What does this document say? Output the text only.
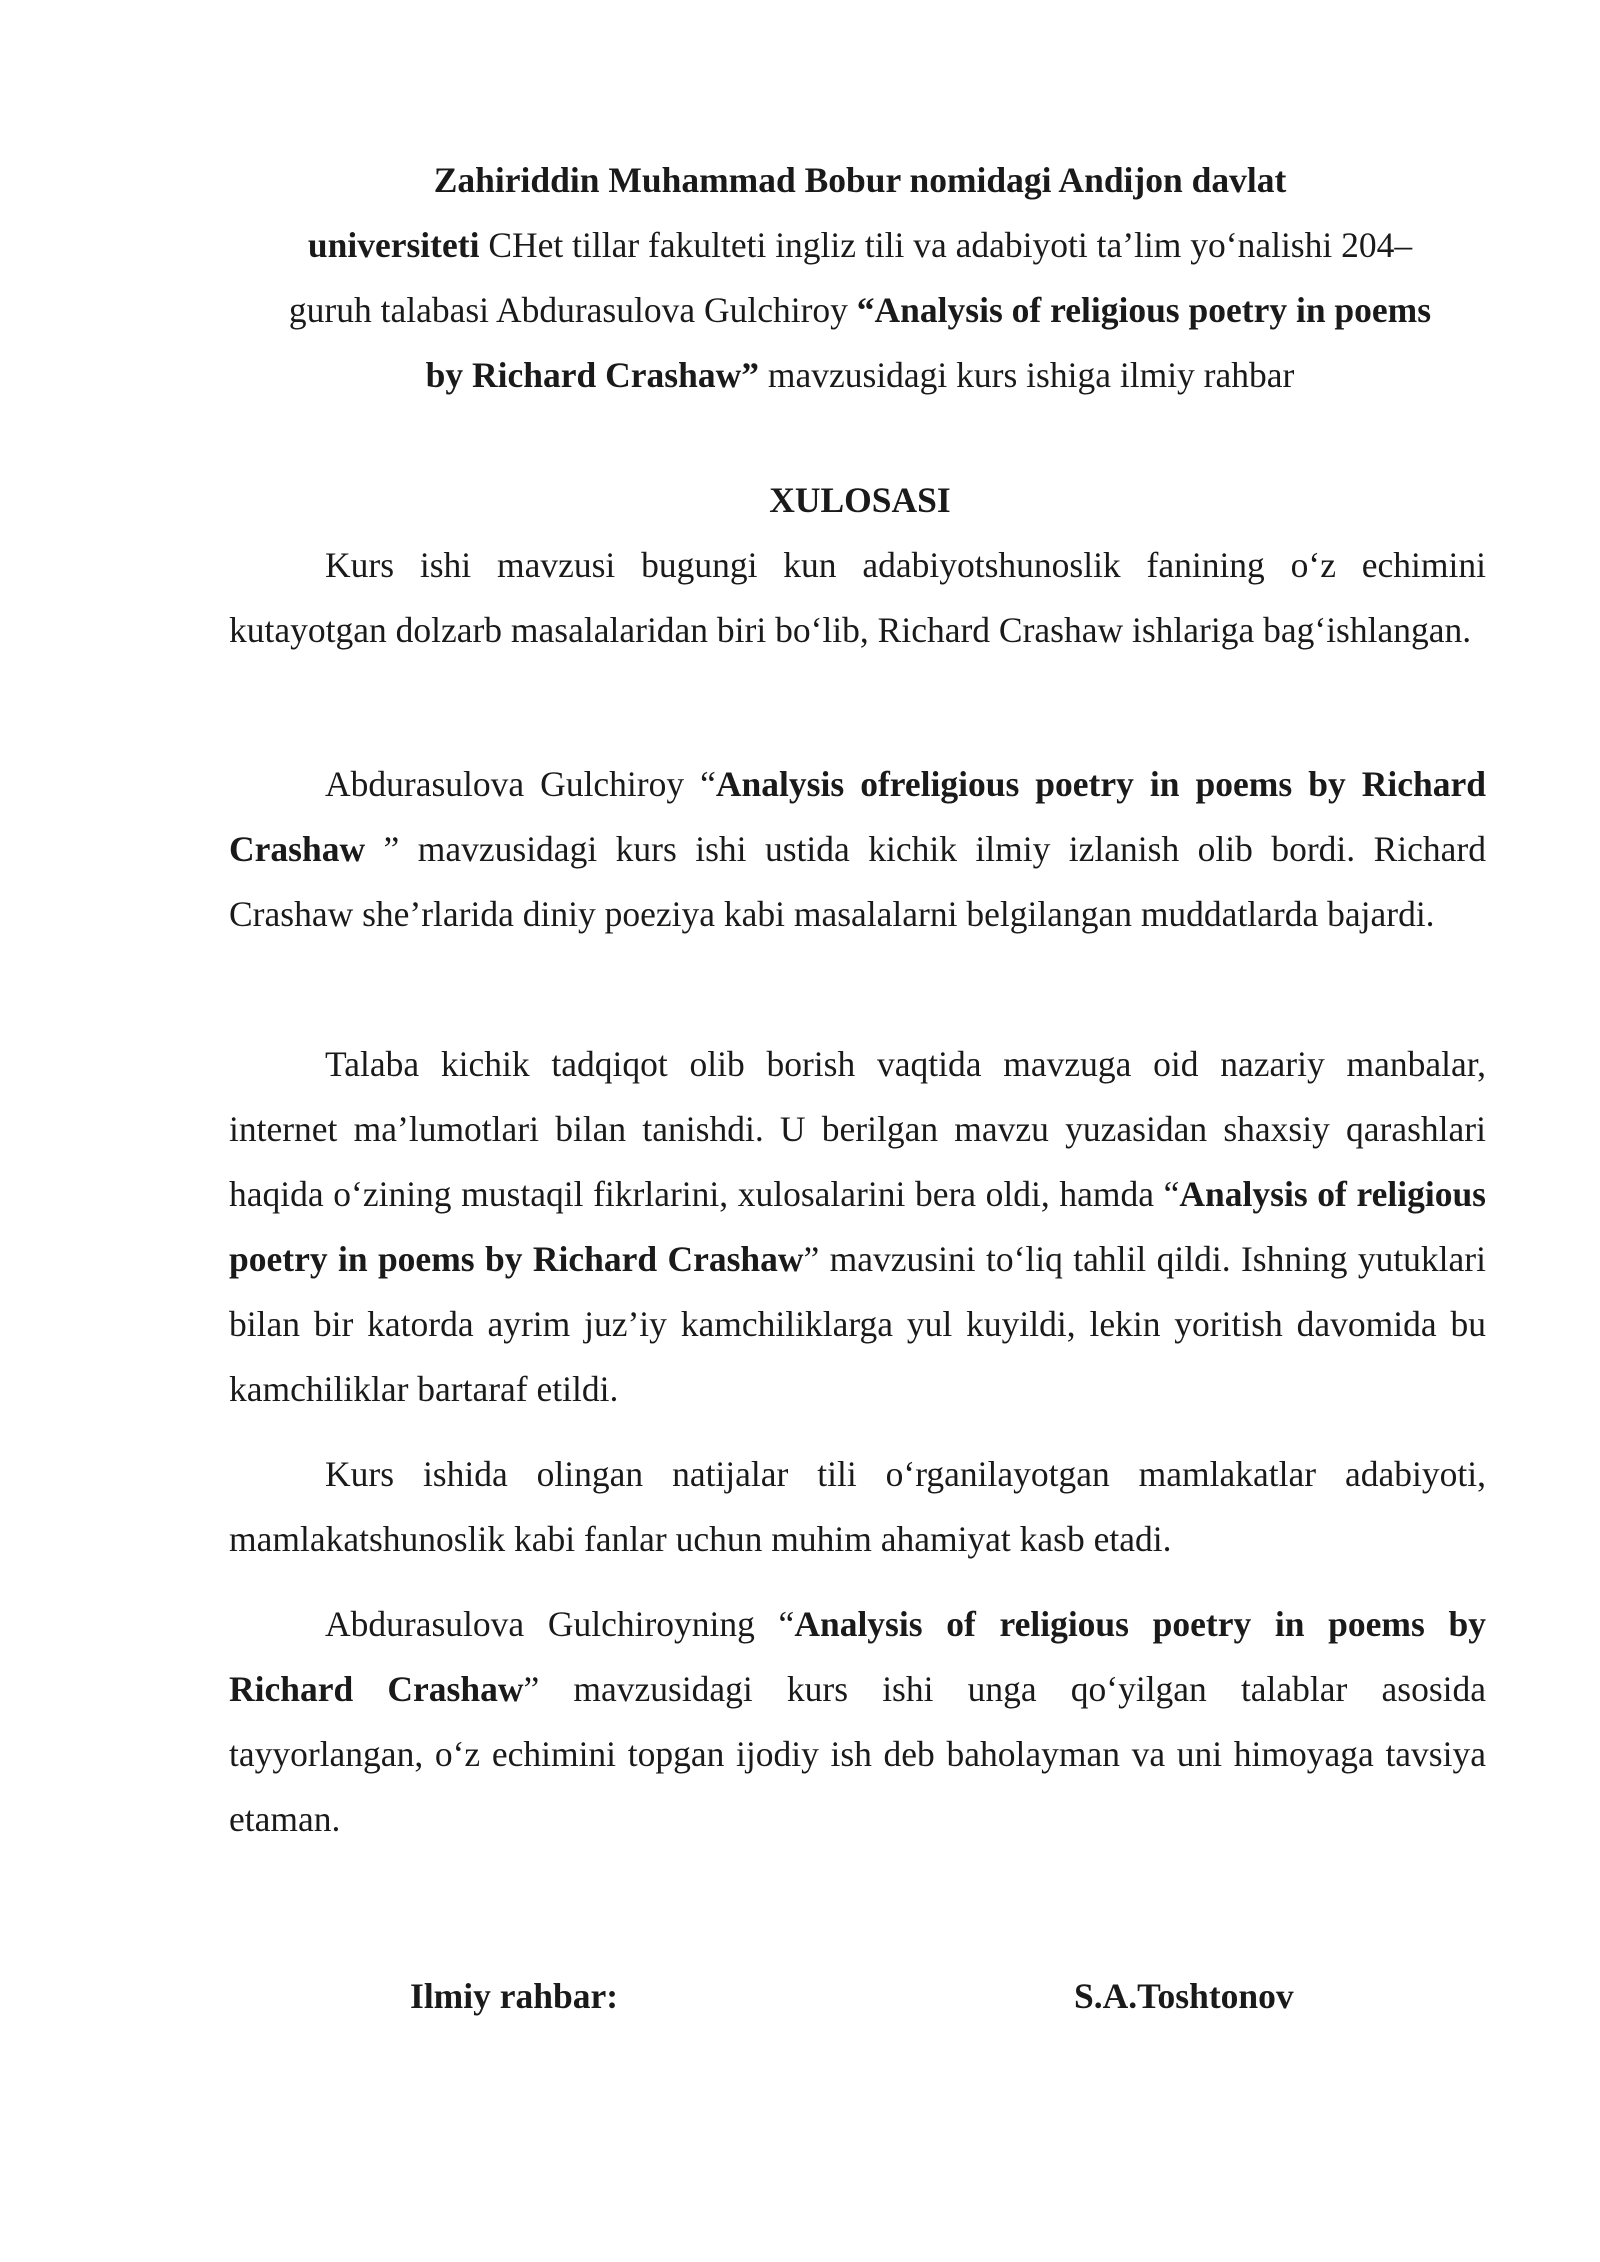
Zahiriddin Muhammad Bobur nomidagi Andijon davlat
universiteti CHet tillar fakulteti ingliz tili va adabiyoti ta’lim yo‘nalishi 204–
guruh talabasi Abdurasulova Gulchiroy “Analysis of religious poetry in poems
by Richard Crashaw” mavzusidagi kurs ishiga ilmiy rahbar
XULOSASI

Kurs ishi mavzusi bugungi kun adabiyotshunoslik fanining o‘z echimini kutayotgan dolzarb masalalaridan biri bo‘lib, Richard Crashaw ishlariga bag‘ishlangan.

Abdurasulova Gulchiroy “Analysis ofreligious poetry in poems by Richard Crashaw ” mavzusidagi kurs ishi ustida kichik ilmiy izlanish olib bordi. Richard Crashaw she’rlarida diniy poeziya kabi masalalarni belgilangan muddatlarda bajardi.

Talaba kichik tadqiqot olib borish vaqtida mavzuga oid nazariy manbalar, internet ma’lumotlari bilan tanishdi. U berilgan mavzu yuzasidan shaxsiy qarashlari haqida o‘zining mustaqil fikrlarini, xulosalarini bera oldi, hamda “Analysis of religious poetry in poems by Richard Crashaw” mavzusini to‘liq tahlil qildi. Ishning yutuklari bilan bir katorda ayrim juz’iy kamchiliklarga yul kuyildi, lekin yoritish davomida bu kamchiliklar bartaraf etildi.

Kurs ishida olingan natijalar tili o‘rganilayotgan mamlakatlar adabiyoti, mamlakatshunoslik kabi fanlar uchun muhim ahamiyat kasb etadi.

Abdurasulova Gulchiroyning “Analysis of religious poetry in poems by Richard Crashaw” mavzusidagi kurs ishi unga qo‘yilgan talablar asosida tayyorlangan, o‘z echimini topgan ijodiy ish deb baholayman va uni himoyaga tavsiya etaman.

Ilmiy rahbar:	S.A.Toshtonov
